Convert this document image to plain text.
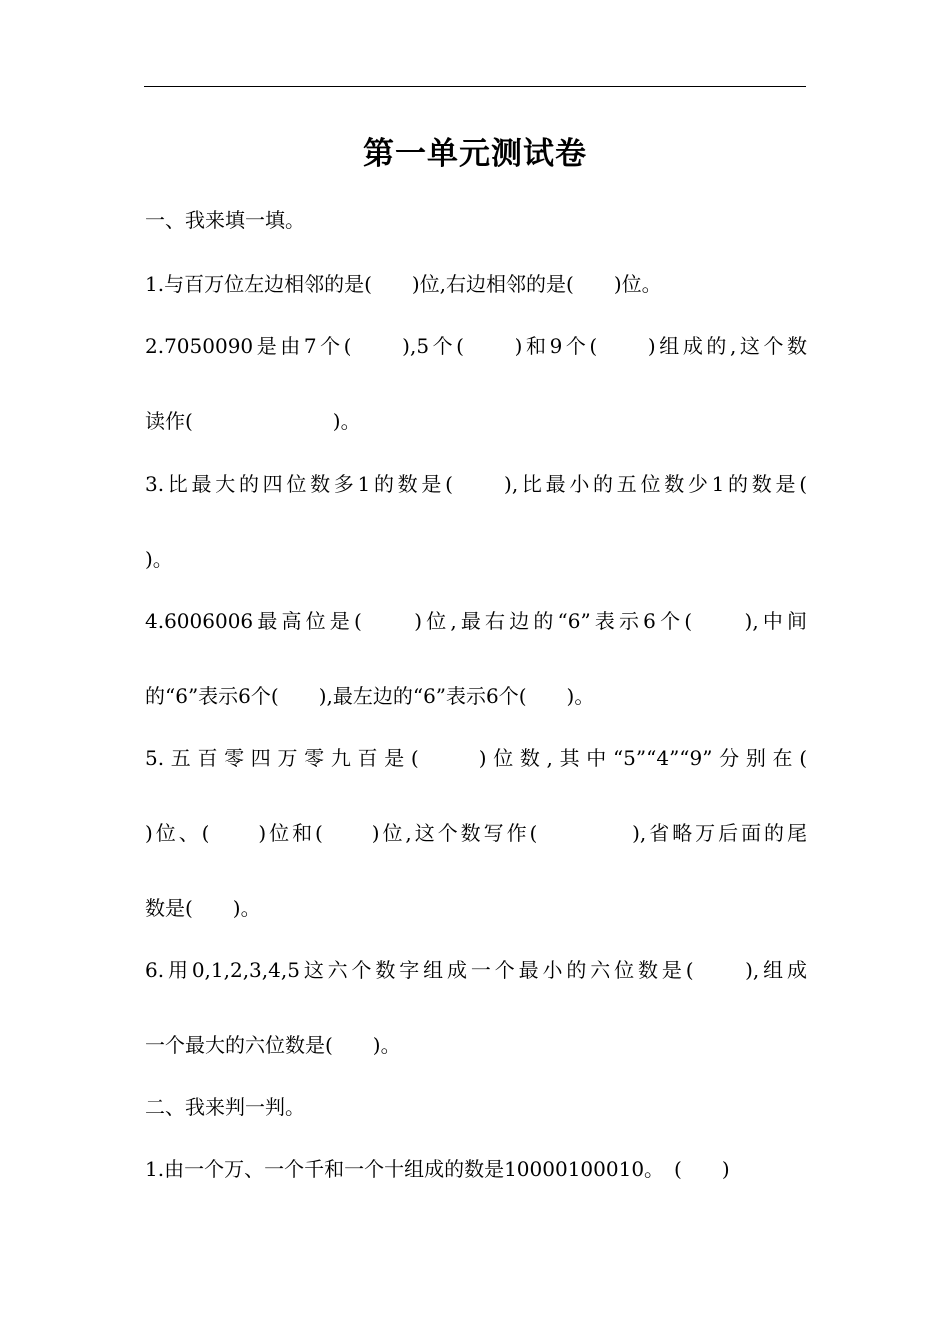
第一单元测试卷
一、我来填一填。
1.与百万位左边相邻的是(　　)位,右边相邻的是(　　)位。
2.7050090是由7个(　　),5个(　　)和9个(　　)组成的,这个数
读作(　　　　　　　)。
3.比最大的四位数多1的数是(　　),比最小的五位数少1的数是(
)。
4.6006006最高位是(　　)位,最右边的“6”表示6个(　　),中间
的“6”表示6个(　　),最左边的“6”表示6个(　　)。
5.五百零四万零九百是(　　)位数,其中“5”“4”“9”分别在(
)位、(　　)位和(　　)位,这个数写作(　　　　),省略万后面的尾
数是(　　)。
6.用0,1,2,3,4,5这六个数字组成一个最小的六位数是(　　),组成
一个最大的六位数是(　　)。
二、我来判一判。
1.由一个万、一个千和一个十组成的数是10000100010。　(　　)
